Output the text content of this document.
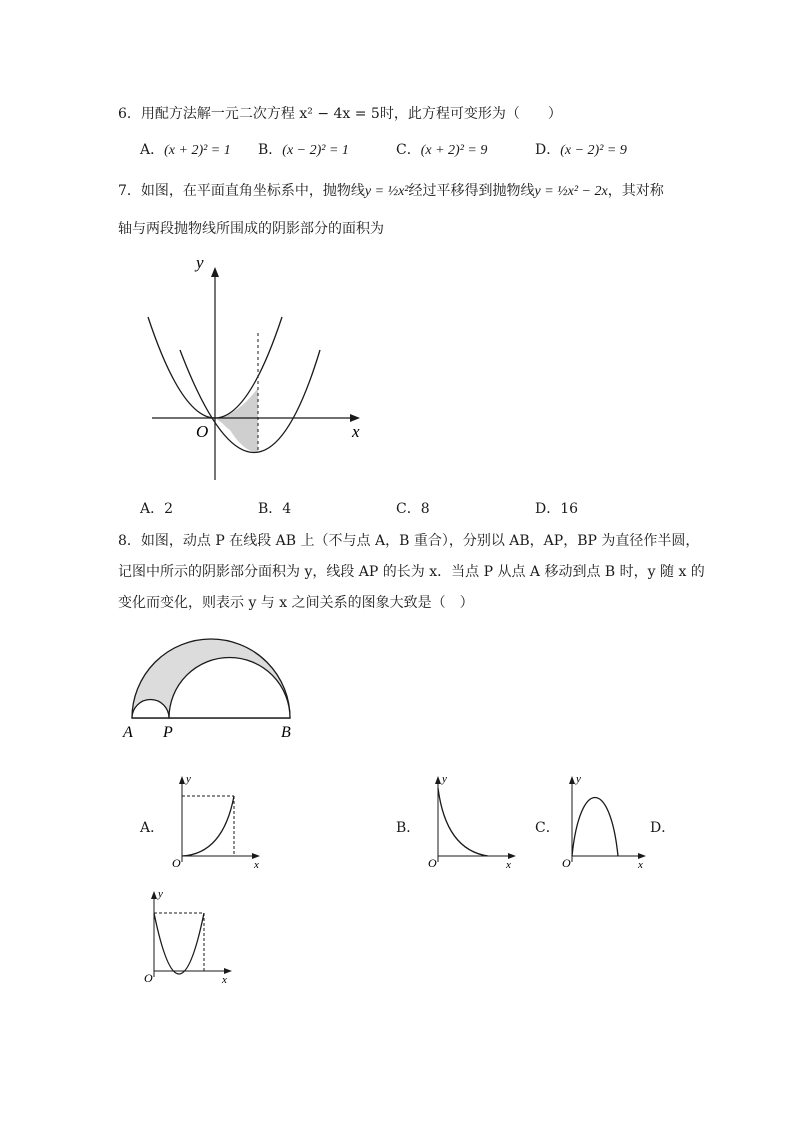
6．用配方法解一元二次方程 x² − 4x = 5时，此方程可变形为（　　）
A．(x + 2)² = 1 B．(x − 2)² = 1	C．(x + 2)² = 9	D．(x − 2)² = 9
7．如图，在平面直角坐标系中，抛物线y = ½x²经过平移得到抛物线y = ½x² − 2x，其对称
轴与两段抛物线所围成的阴影部分的面积为
y
x
O
A．2	B．4	C．8	D．16
8．如图，动点 P 在线段 AB 上（不与点 A，B 重合），分别以 AB，AP，BP 为直径作半圆，
记图中所示的阴影部分面积为 y，线段 AP 的长为 x．当点 P 从点 A 移动到点 B 时，y 随 x 的
变化而变化，则表示 y 与 x 之间关系的图象大致是（　）
A P	B
A．
y
x
O
B．
y
x
O
C．
y
x
O
D．
y
x
O
